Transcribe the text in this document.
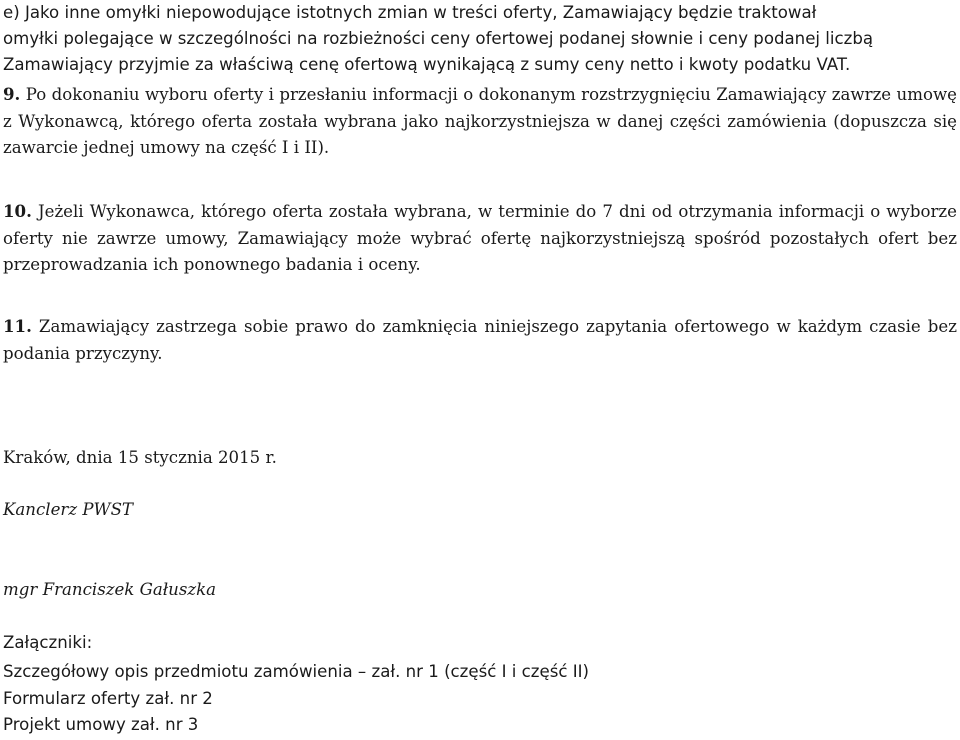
e) Jako inne omyłki niepowodujące istotnych zmian w treści oferty, Zamawiający będzie traktował
omyłki polegające w szczególności na rozbieżności ceny ofertowej podanej słownie i ceny podanej liczbą
Zamawiający przyjmie za właściwą cenę ofertową wynikającą z sumy ceny netto i kwoty podatku VAT.

9. Po dokonaniu wyboru oferty i przesłaniu informacji o dokonanym rozstrzygnięciu Zamawiający zawrze umowę z Wykonawcą, którego oferta została wybrana jako najkorzystniejsza w danej części zamówienia (dopuszcza się zawarcie jednej umowy na część I i II).

10. Jeżeli Wykonawca, którego oferta została wybrana, w terminie do 7 dni od otrzymania informacji o wyborze oferty nie zawrze umowy, Zamawiający może wybrać ofertę najkorzystniejszą spośród pozostałych ofert bez przeprowadzania ich ponownego badania i oceny.

11. Zamawiający zastrzega sobie prawo do zamknięcia niniejszego zapytania ofertowego w każdym czasie bez podania przyczyny.

Kraków, dnia 15 stycznia 2015 r.
Kanclerz PWST
mgr Franciszek Gałuszka
Załączniki:
Szczegółowy opis przedmiotu zamówienia – zał. nr 1 (część I i część II)
Formularz oferty zał. nr 2
Projekt umowy zał. nr 3
